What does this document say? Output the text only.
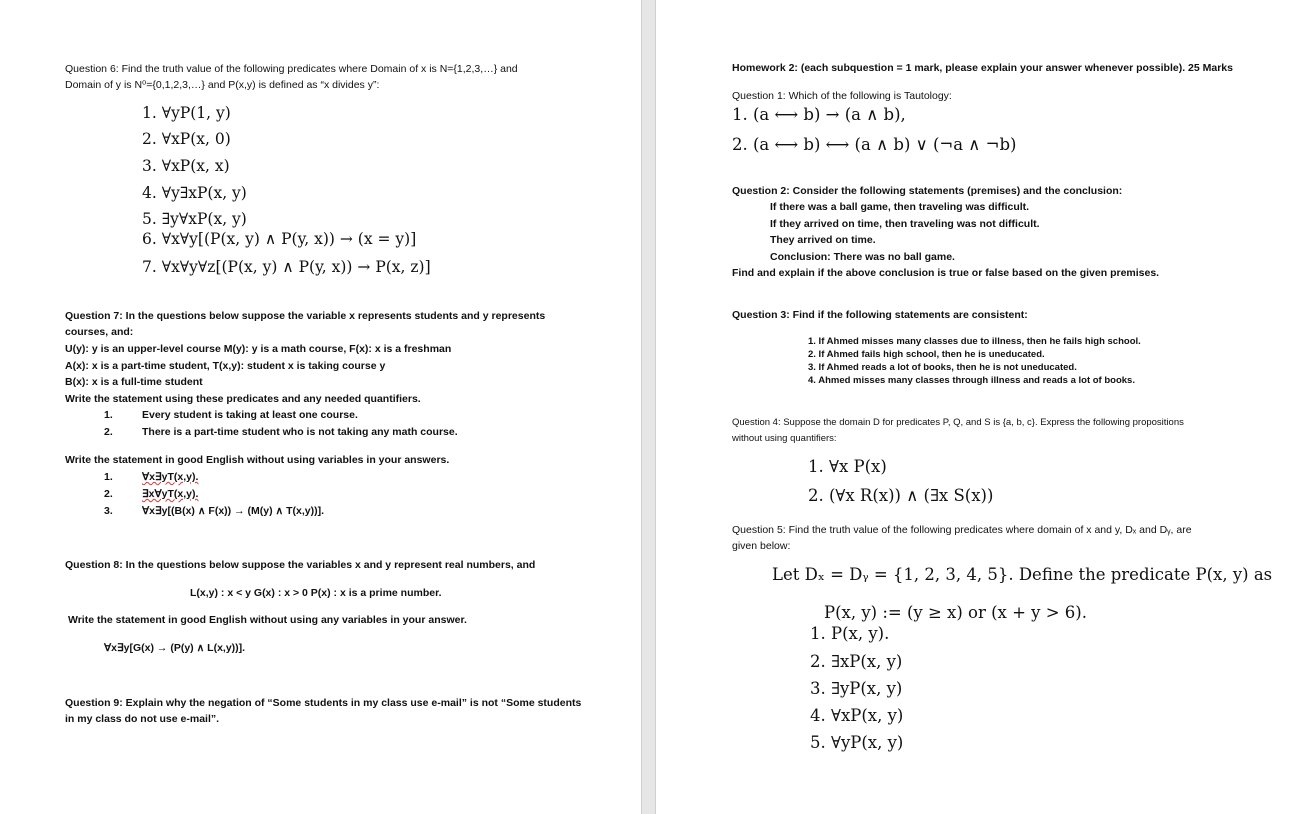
Question 6: Find the truth value of the following predicates where Domain of x is N={1,2,3,…} and
Domain of y is N⁰={0,1,2,3,…} and P(x,y) is defined as “x divides y”:
1. ∀yP(1, y)
2. ∀xP(x, 0)
3. ∀xP(x, x)
4. ∀y∃xP(x, y)
5. ∃y∀xP(x, y)
6. ∀x∀y[(P(x, y) ∧ P(y, x)) → (x = y)]
7. ∀x∀y∀z[(P(x, y) ∧ P(y, x)) → P(x, z)]
Question 7: In the questions below suppose the variable x represents students and y represents
courses, and:
U(y): y is an upper-level course M(y): y is a math course, F(x): x is a freshman
A(x): x is a part-time student, T(x,y): student x is taking course y
B(x): x is a full-time student
Write the statement using these predicates and any needed quantifiers.
1.	Every student is taking at least one course.
2.	There is a part-time student who is not taking any math course.
Write the statement in good English without using variables in your answers.
1.	∀x∃yT(x,y).
2.	∃x∀yT(x,y).
3.	∀x∃y[(B(x) ∧ F(x)) → (M(y) ∧ T(x,y))].
Question 8: In the questions below suppose the variables x and y represent real numbers, and
L(x,y) : x < y G(x) : x > 0 P(x) : x is a prime number.
Write the statement in good English without using any variables in your answer.
∀x∃y[G(x) → (P(y) ∧ L(x,y))].
Question 9: Explain why the negation of “Some students in my class use e-mail” is not “Some students
in my class do not use e-mail”.
Homework 2: (each subquestion = 1 mark, please explain your answer whenever possible). 25 Marks
Question 1: Which of the following is Tautology:
1. (a ⟷ b) → (a ∧ b),
2. (a ⟷ b) ⟷ (a ∧ b) ∨ (¬a ∧ ¬b)
Question 2: Consider the following statements (premises) and the conclusion:
If there was a ball game, then traveling was difficult.
If they arrived on time, then traveling was not difficult.
They arrived on time.
Conclusion: There was no ball game.
Find and explain if the above conclusion is true or false based on the given premises.
Question 3: Find if the following statements are consistent:
1. If Ahmed misses many classes due to illness, then he fails high school.
2. If Ahmed fails high school, then he is uneducated.
3. If Ahmed reads a lot of books, then he is not uneducated.
4. Ahmed misses many classes through illness and reads a lot of books.
Question 4: Suppose the domain D for predicates P, Q, and S is {a, b, c}. Express the following propositions
without using quantifiers:
1. ∀x P(x)
2. (∀x R(x)) ∧ (∃x S(x))
Question 5: Find the truth value of the following predicates where domain of x and y, Dₓ and Dᵧ, are
given below:
Let Dₓ = Dᵧ = {1, 2, 3, 4, 5}. Define the predicate P(x, y) as
P(x, y) := (y ≥ x) or (x + y > 6).
1. P(x, y).
2. ∃xP(x, y)
3. ∃yP(x, y)
4. ∀xP(x, y)
5. ∀yP(x, y)
